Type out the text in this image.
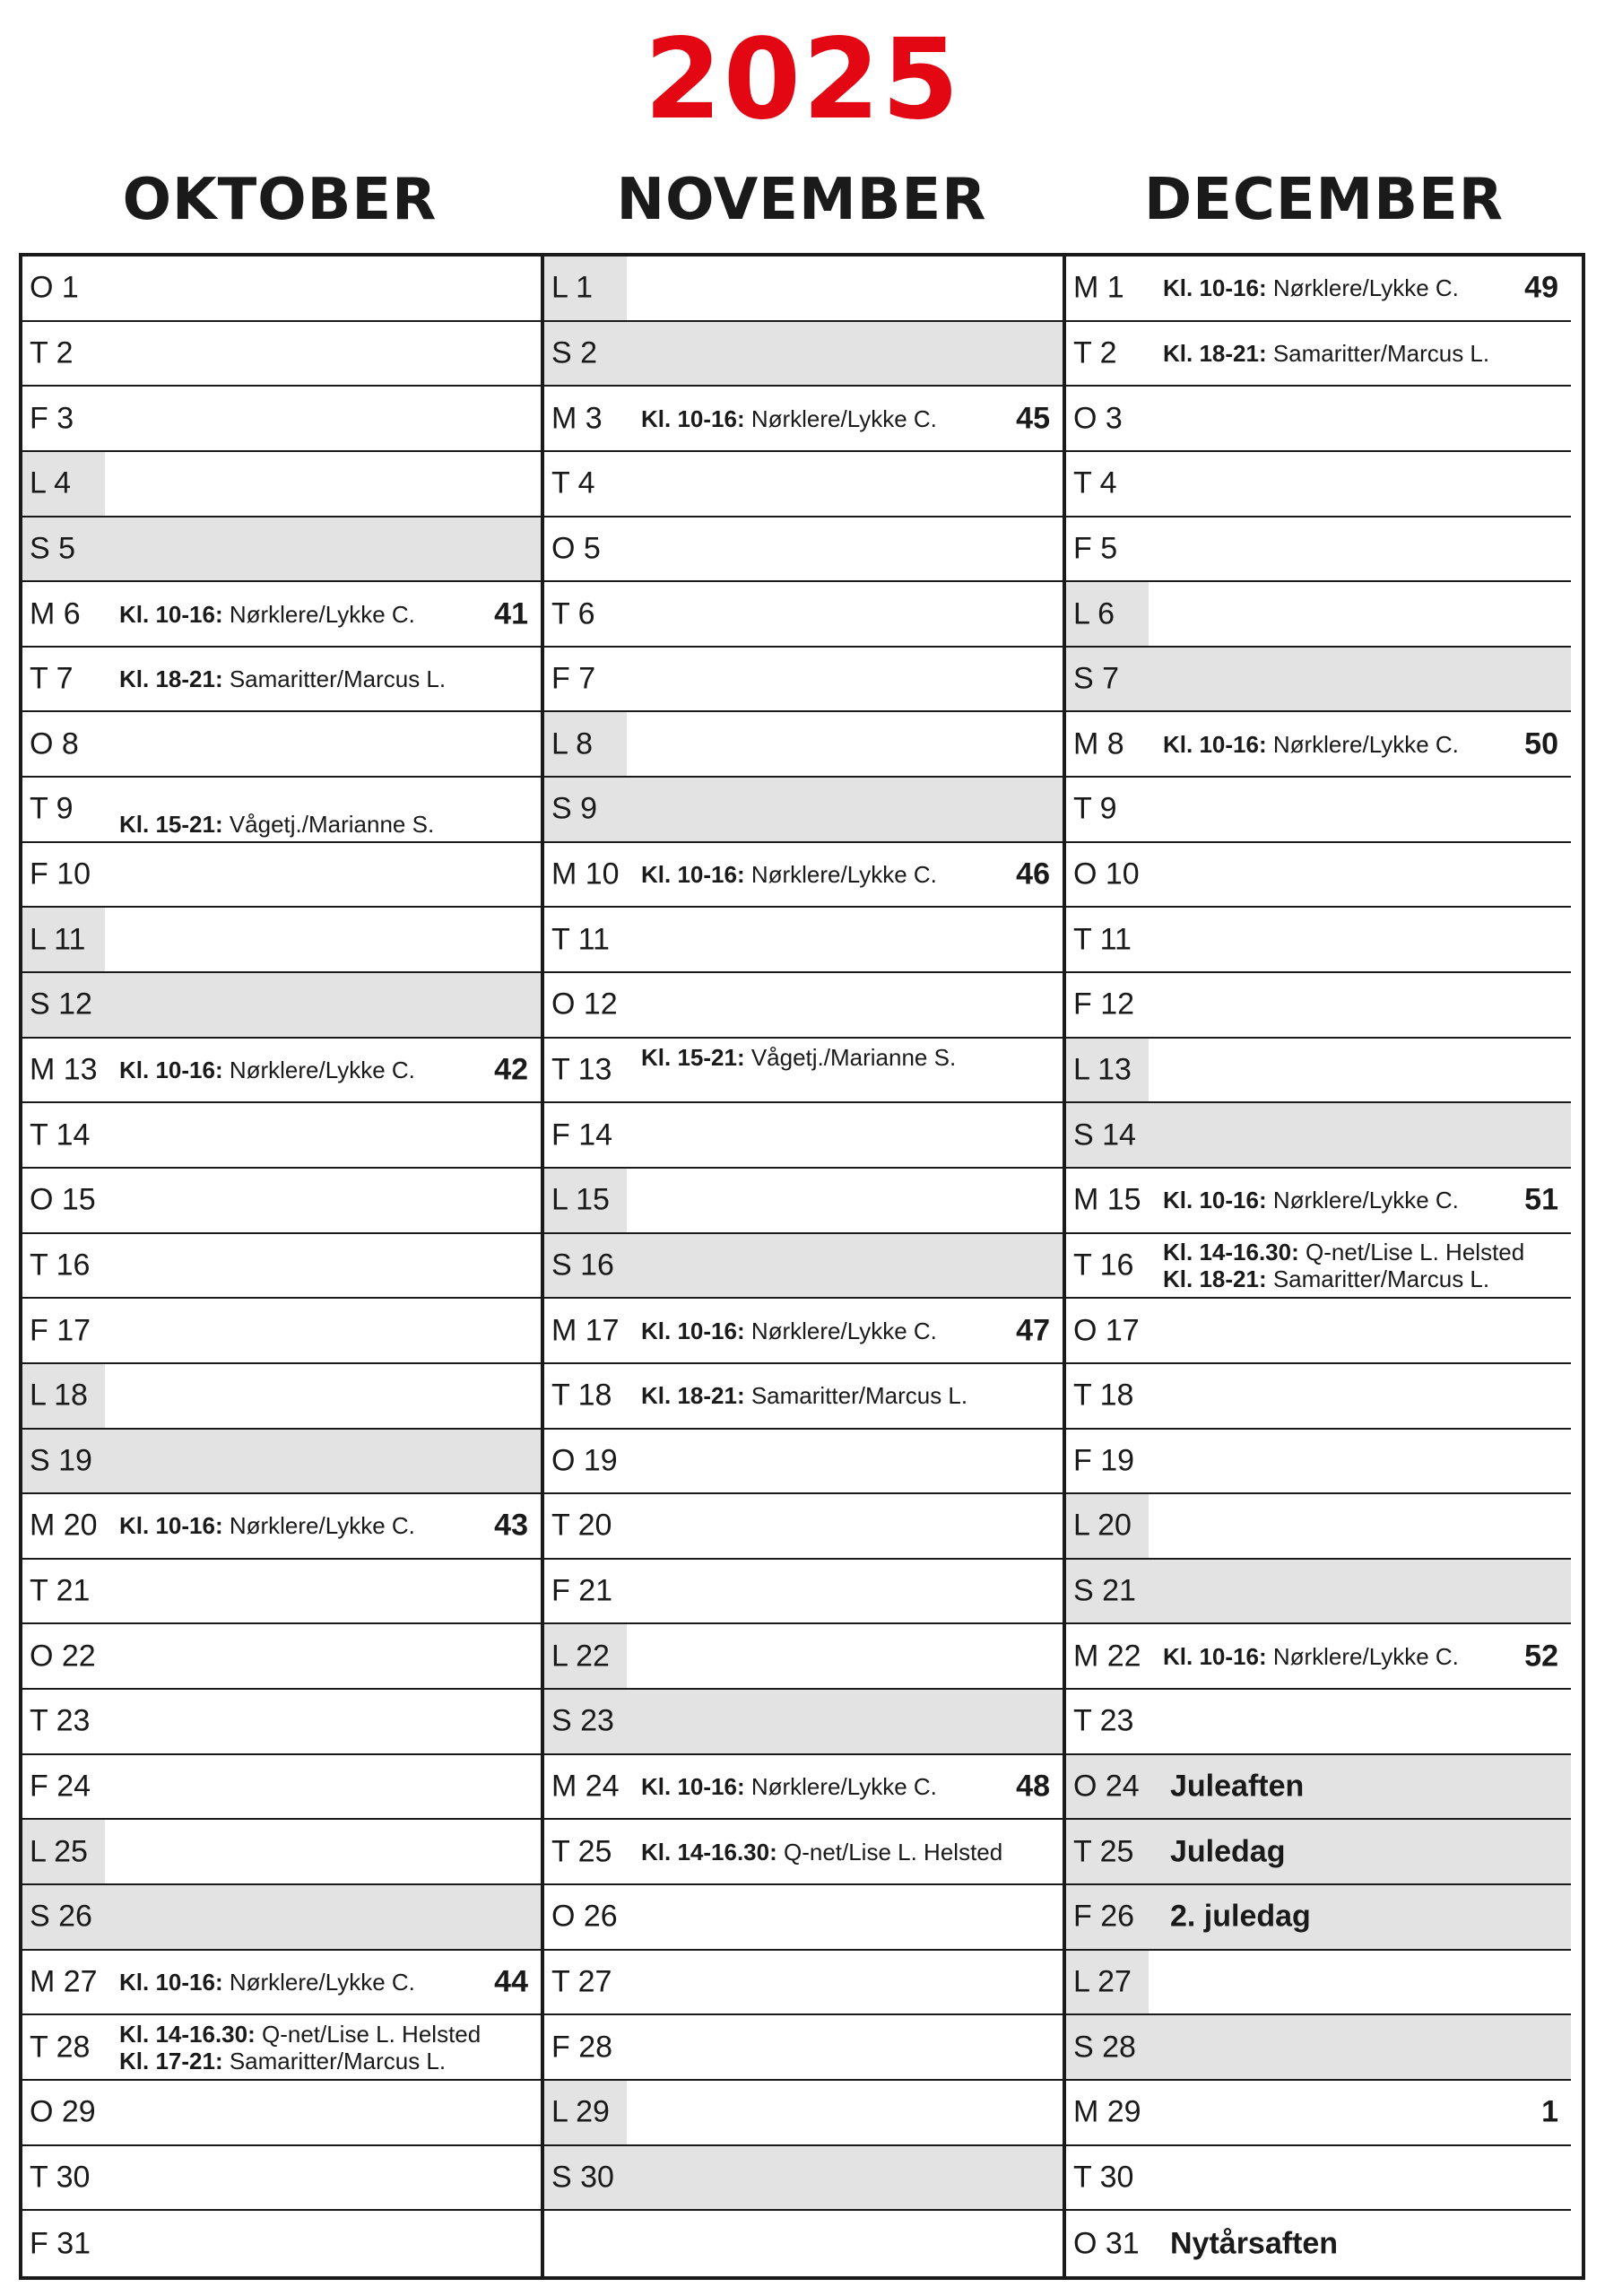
2025
OKTOBER	NOVEMBER	DECEMBER
O 1
T 2
F 3
L 4
S 5
M 6 Kl. 10-16: Nørklere/Lykke C.	41
T 7 Kl. 18-21: Samaritter/Marcus L.
O 8
T 9 Kl. 15-21: Vågetj./Marianne S.
F 10
L 11
S 12
M 13 Kl. 10-16: Nørklere/Lykke C.	42
T 14
O 15
T 16
F 17
L 18
S 19
M 20 Kl. 10-16: Nørklere/Lykke C.	43
T 21
O 22
T 23
F 24
L 25
S 26
M 27 Kl. 10-16: Nørklere/Lykke C.	44
T 28 Kl. 14-16.30: Q-net/Lise L. Helsted
Kl. 17-21: Samaritter/Marcus L.
O 29
T 30
F 31
L 1
S 2
M 3 Kl. 10-16: Nørklere/Lykke C.	45
T 4
O 5
T 6
F 7
L 8
S 9
M 10 Kl. 10-16: Nørklere/Lykke C.	46
T 11
O 12
T 13 Kl. 15-21: Vågetj./Marianne S.
F 14
L 15
S 16
M 17 Kl. 10-16: Nørklere/Lykke C.	47
T 18 Kl. 18-21: Samaritter/Marcus L.
O 19
T 20
F 21
L 22
S 23
M 24 Kl. 10-16: Nørklere/Lykke C.	48
T 25 Kl. 14-16.30: Q-net/Lise L. Helsted
O 26
T 27
F 28
L 29
S 30
M 1 Kl. 10-16: Nørklere/Lykke C. 49
T 2 Kl. 18-21: Samaritter/Marcus L.
O 3
T 4
F 5
L 6
S 7
M 8 Kl. 10-16: Nørklere/Lykke C. 50
T 9
O 10
T 11
F 12
L 13
S 14
M 15 Kl. 10-16: Nørklere/Lykke C. 51
T 16 Kl. 14-16.30: Q-net/Lise L. Helsted
Kl. 18-21: Samaritter/Marcus L.
O 17
T 18
F 19
L 20
S 21
M 22 Kl. 10-16: Nørklere/Lykke C. 52
T 23
O 24 Juleaften
T 25 Juledag
F 26 2. juledag
L 27
S 28
M 29	1
T 30
O 31 Nytårsaften
